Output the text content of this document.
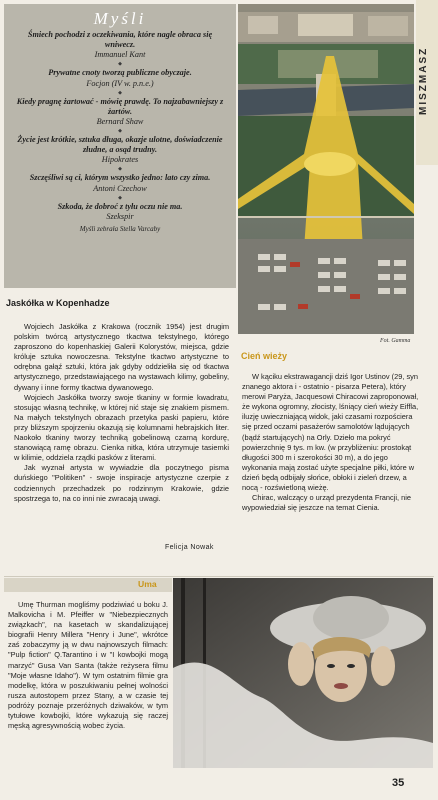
Myśli

Śmiech pochodzi z oczekiwania, które nagle obraca się wniwecz.

Immanuel Kant

◆

Prywatne cnoty tworzą publiczne obyczaje.

Focjon (IV w. p.n.e.)

◆

Kiedy pragnę żartować - mówię prawdę. To najzabawniejszy z żartów.

Bernard Shaw

◆

Życie jest krótkie, sztuka długa, okazje ulotne, doświadczenie złudne, a osąd trudny.

Hipokrates

◆

Szczęśliwi są ci, którym wszystko jedno: lato czy zima.

Antoni Czechow

◆

Szkoda, że dobroć z tyłu oczu nie ma.

Szekspir

Myśli zebrała Stella Varcaby
MISZMASZ
Fot. Gamma
Jaskółka w Kopenhadze

Wojciech Jaskółka z Krakowa (rocznik 1954) jest drugim polskim twórcą artystycznego tkactwa tekstylnego, którego zaproszono do kopenhaskiej Galerii Kolorystów, miejsca, gdzie króluje sztuka nowoczesna. Tekstylne tkactwo artystyczne to odrębna gałąź sztuki, która jak gdyby oddzieliła się od tkactwa artystycznego, przedstawiającego na wystawach kilimy, gobeliny, dywany i inne formy tkactwa dywanowego.

Wojciech Jaskółka tworzy swoje tkaniny w formie kwadratu, stosując własną technikę, w której nić staje się znakiem pismem. Na małych tekstylnych obrazach przetyka paski papieru, które przy bliższym spojrzeniu okazują się kolumnami hebrajskich liter. Naokoło tkaniny tworzy techniką gobelinową czarną kordurę, stanowiącą ramę obrazu. Cienka nitka, która utrzymuje tasiemki w kilimie, oddziela rządki pasków z literami.

Jak wyznał artysta w wywiadzie dla poczytnego pisma duńskiego "Politiken" - swoje inspiracje artystyczne czerpie z codziennych przechadzek po rodzinnym Krakowie, gdzie spostrzega to, na co inni nie zwracają uwagi.

Felicja Nowak
Cień wieży

W kąciku ekstrawagancji dziś Igor Ustinov (29, syn znanego aktora i - ostatnio - pisarza Petera), który merowi Paryża, Jacquesowi Chiracowi zaproponował, że wykona ogromny, złocisty, lśniący cień wieży Eiffla, iluzję uwieczniającą widok, jaki czasami rozpościera się przed oczami pasażerów samolotów lądujących (bądź startujących) na Orly. Dzieło ma pokryć powierzchnię 9 tys. m kw. (w przybliżeniu: prostokąt długości 300 m i szerokości 30 m), a do jego wykonania mają zostać użyte specjalne piłki, które w dzień będą odbijały słońce, obłoki i zieleń drzew, a nocą - rozświetloną wieżę.

Chirac, walczący o urząd prezydenta Francji, nie wypowiedział się jeszcze na temat Cienia.

Uma

Umę Thurman mogliśmy podziwiać u boku J. Malkovicha i M. Pfeiffer w "Niebezpiecznych związkach", na kasetach w skandalizującej biografii Henry Millera "Henry i June", wkrótce zaś zobaczymy ją w dwu najnowszych filmach: "Pulp fiction" Q.Tarantino i w "I kowbojki mogą marzyć" Gusa Van Santa (także reżysera filmu "Moje własne Idaho"). W tym ostatnim filmie gra modelkę, która w poszukiwaniu pełnej wolności rusza autostopem przez Stany, a w czasie tej podróży poznaje przeróżnych dziwaków, w tym tytułowe kowbojki, które wykazują się raczej męską agresywnością wobec życia.

35
